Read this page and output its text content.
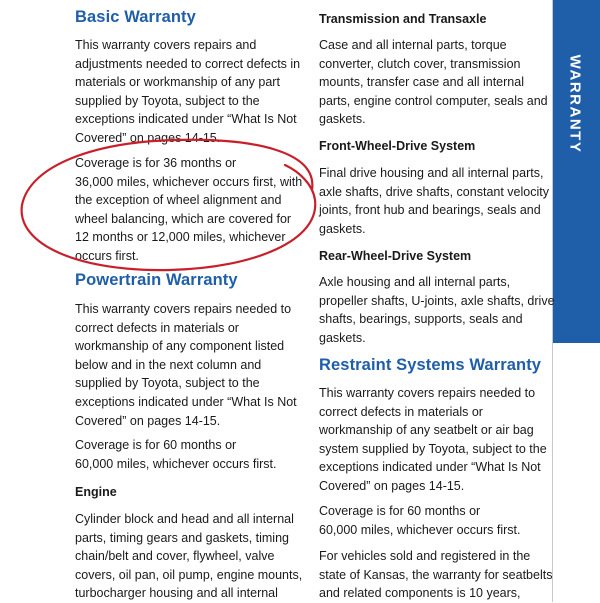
WARRANTY
Basic Warranty
This warranty covers repairs and
adjustments needed to correct defects in
materials or workmanship of any part
supplied by Toyota, subject to the
exceptions indicated under “What Is Not
Covered” on pages 14-15.
Coverage is for 36 months or
36,000 miles, whichever occurs first, with
the exception of wheel alignment and
wheel balancing, which are covered for
12 months or 12,000 miles, whichever
occurs first.
Powertrain Warranty
This warranty covers repairs needed to
correct defects in materials or
workmanship of any component listed
below and in the next column and
supplied by Toyota, subject to the
exceptions indicated under “What Is Not
Covered” on pages 14-15.
Coverage is for 60 months or
60,000 miles, whichever occurs first.
Engine
Cylinder block and head and all internal
parts, timing gears and gaskets, timing
chain/belt and cover, flywheel, valve
covers, oil pan, oil pump, engine mounts,
turbocharger housing and all internal
Transmission and Transaxle
Case and all internal parts, torque
converter, clutch cover, transmission
mounts, transfer case and all internal
parts, engine control computer, seals and
gaskets.
Front-Wheel-Drive System
Final drive housing and all internal parts,
axle shafts, drive shafts, constant velocity
joints, front hub and bearings, seals and
gaskets.
Rear-Wheel-Drive System
Axle housing and all internal parts,
propeller shafts, U-joints, axle shafts, drive
shafts, bearings, supports, seals and
gaskets.
Restraint Systems Warranty
This warranty covers repairs needed to
correct defects in materials or
workmanship of any seatbelt or air bag
system supplied by Toyota, subject to the
exceptions indicated under “What Is Not
Covered” on pages 14-15.
Coverage is for 60 months or
60,000 miles, whichever occurs first.
For vehicles sold and registered in the
state of Kansas, the warranty for seatbelts
and related components is 10 years,
